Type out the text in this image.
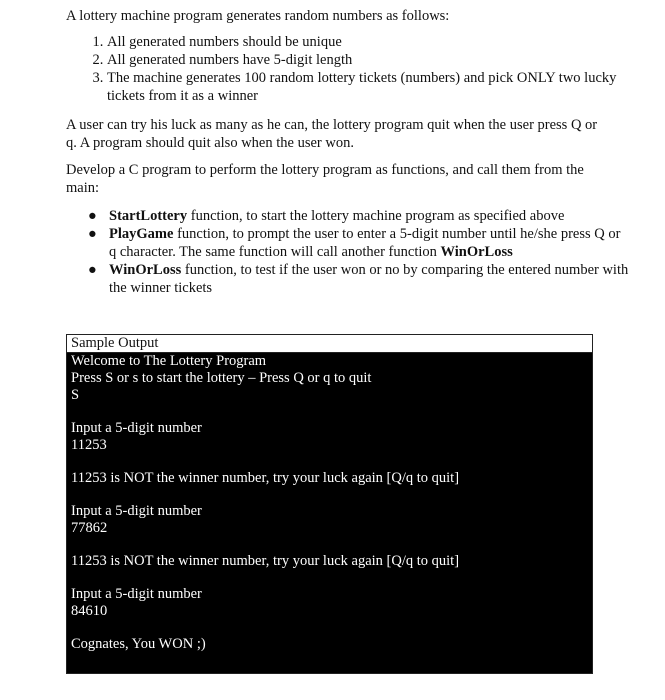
A lottery machine program generates random numbers as follows:

1. All generated numbers should be unique
2. All generated numbers have 5-digit length
3. The machine generates 100 random lottery tickets (numbers) and pick ONLY two lucky tickets from it as a winner

A user can try his luck as many as he can, the lottery program quit when the user press Q or q. A program should quit also when the user won.

Develop a C program to perform the lottery program as functions, and call them from the main:

● StartLottery function, to start the lottery machine program as specified above
● PlayGame function, to prompt the user to enter a 5-digit number until he/she press Q or q character. The same function will call another function WinOrLoss
● WinOrLoss function, to test if the user won or no by comparing the entered number with the winner tickets
Sample Output
Welcome to The Lottery Program
Press S or s to start the lottery – Press Q or q to quit
S
Input a 5-digit number
11253
11253 is NOT the winner number, try your luck again [Q/q to quit]
Input a 5-digit number
77862
11253 is NOT the winner number, try your luck again [Q/q to quit]
Input a 5-digit number
84610
Cognates, You WON ;)
